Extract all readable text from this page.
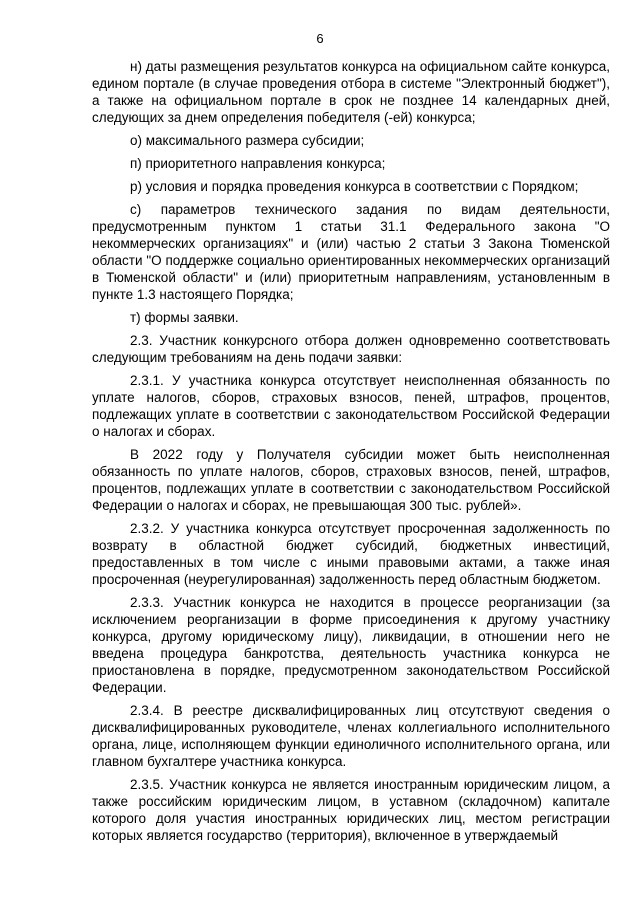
6

н) даты размещения результатов конкурса на официальном сайте конкурса, едином портале (в случае проведения отбора в системе "Электронный бюджет"), а также на официальном портале в срок не позднее 14 календарных дней, следующих за днем определения победителя (-ей) конкурса;

о) максимального размера субсидии;

п) приоритетного направления конкурса;

р) условия и порядка проведения конкурса в соответствии с Порядком;

с) параметров технического задания по видам деятельности, предусмотренным пунктом 1 статьи 31.1 Федерального закона "О некоммерческих организациях" и (или) частью 2 статьи 3 Закона Тюменской области "О поддержке социально ориентированных некоммерческих организаций в Тюменской области" и (или) приоритетным направлениям, установленным в пункте 1.3 настоящего Порядка;

т) формы заявки.

2.3. Участник конкурсного отбора должен одновременно соответствовать следующим требованиям на день подачи заявки:

2.3.1. У участника конкурса отсутствует неисполненная обязанность по уплате налогов, сборов, страховых взносов, пеней, штрафов, процентов, подлежащих уплате в соответствии с законодательством Российской Федерации о налогах и сборах.

В 2022 году у Получателя субсидии может быть неисполненная обязанность по уплате налогов, сборов, страховых взносов, пеней, штрафов, процентов, подлежащих уплате в соответствии с законодательством Российской Федерации о налогах и сборах, не превышающая 300 тыс. рублей».

2.3.2. У участника конкурса отсутствует просроченная задолженность по возврату в областной бюджет субсидий, бюджетных инвестиций, предоставленных в том числе с иными правовыми актами, а также иная просроченная (неурегулированная) задолженность перед областным бюджетом.

2.3.3. Участник конкурса не находится в процессе реорганизации (за исключением реорганизации в форме присоединения к другому участнику конкурса, другому юридическому лицу), ликвидации, в отношении него не введена процедура банкротства, деятельность участника конкурса не приостановлена в порядке, предусмотренном законодательством Российской Федерации.

2.3.4. В реестре дисквалифицированных лиц отсутствуют сведения о дисквалифицированных руководителе, членах коллегиального исполнительного органа, лице, исполняющем функции единоличного исполнительного органа, или главном бухгалтере участника конкурса.

2.3.5. Участник конкурса не является иностранным юридическим лицом, а также российским юридическим лицом, в уставном (складочном) капитале которого доля участия иностранных юридических лиц, местом регистрации которых является государство (территория), включенное в утверждаемый
